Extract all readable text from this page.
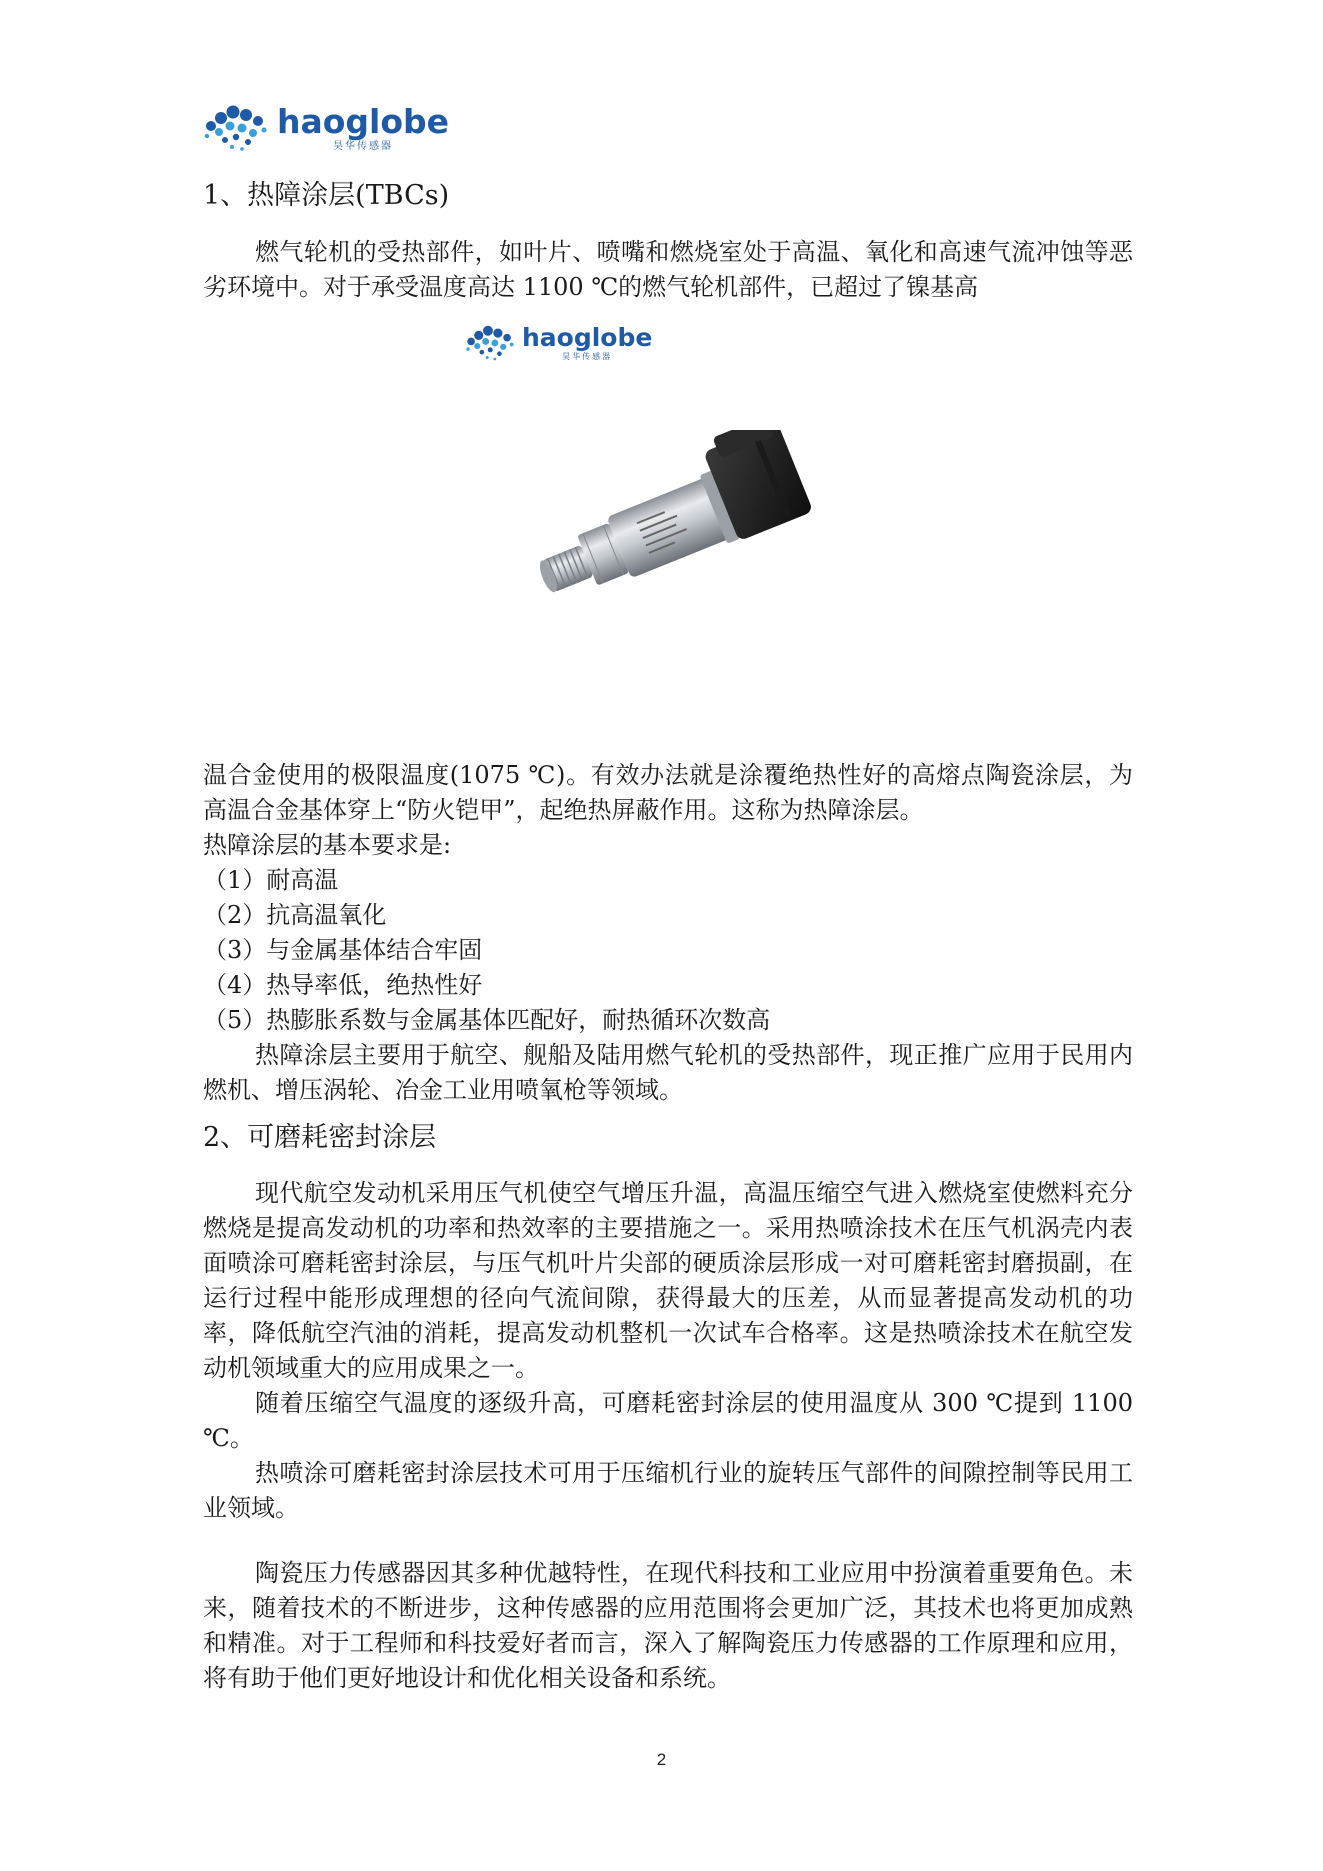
haoglobe
昊华传感器
1、热障涂层(TBCs)

燃气轮机的受热部件，如叶片、喷嘴和燃烧室处于高温、氧化和高速气流冲蚀等恶劣环境中。对于承受温度高达 1100 ℃的燃气轮机部件，已超过了镍基高

haoglobe
昊华传感器

温合金使用的极限温度(1075 ℃)。有效办法就是涂覆绝热性好的高熔点陶瓷涂层，为高温合金基体穿上“防火铠甲”，起绝热屏蔽作用。这称为热障涂层。

热障涂层的基本要求是:

（1）耐高温

（2）抗高温氧化

（3）与金属基体结合牢固

（4）热导率低，绝热性好

（5）热膨胀系数与金属基体匹配好，耐热循环次数高

热障涂层主要用于航空、舰船及陆用燃气轮机的受热部件，现正推广应用于民用内燃机、增压涡轮、冶金工业用喷氧枪等领域。

2、可磨耗密封涂层

现代航空发动机采用压气机使空气增压升温，高温压缩空气进入燃烧室使燃料充分燃烧是提高发动机的功率和热效率的主要措施之一。采用热喷涂技术在压气机涡壳内表面喷涂可磨耗密封涂层，与压气机叶片尖部的硬质涂层形成一对可磨耗密封磨损副，在运行过程中能形成理想的径向气流间隙，获得最大的压差，从而显著提高发动机的功率，降低航空汽油的消耗，提高发动机整机一次试车合格率。这是热喷涂技术在航空发动机领域重大的应用成果之一。

随着压缩空气温度的逐级升高，可磨耗密封涂层的使用温度从 300 ℃提到 1100 ℃。

热喷涂可磨耗密封涂层技术可用于压缩机行业的旋转压气部件的间隙控制等民用工业领域。

陶瓷压力传感器因其多种优越特性，在现代科技和工业应用中扮演着重要角色。未来，随着技术的不断进步，这种传感器的应用范围将会更加广泛，其技术也将更加成熟和精准。对于工程师和科技爱好者而言，深入了解陶瓷压力传感器的工作原理和应用，将有助于他们更好地设计和优化相关设备和系统。

2
